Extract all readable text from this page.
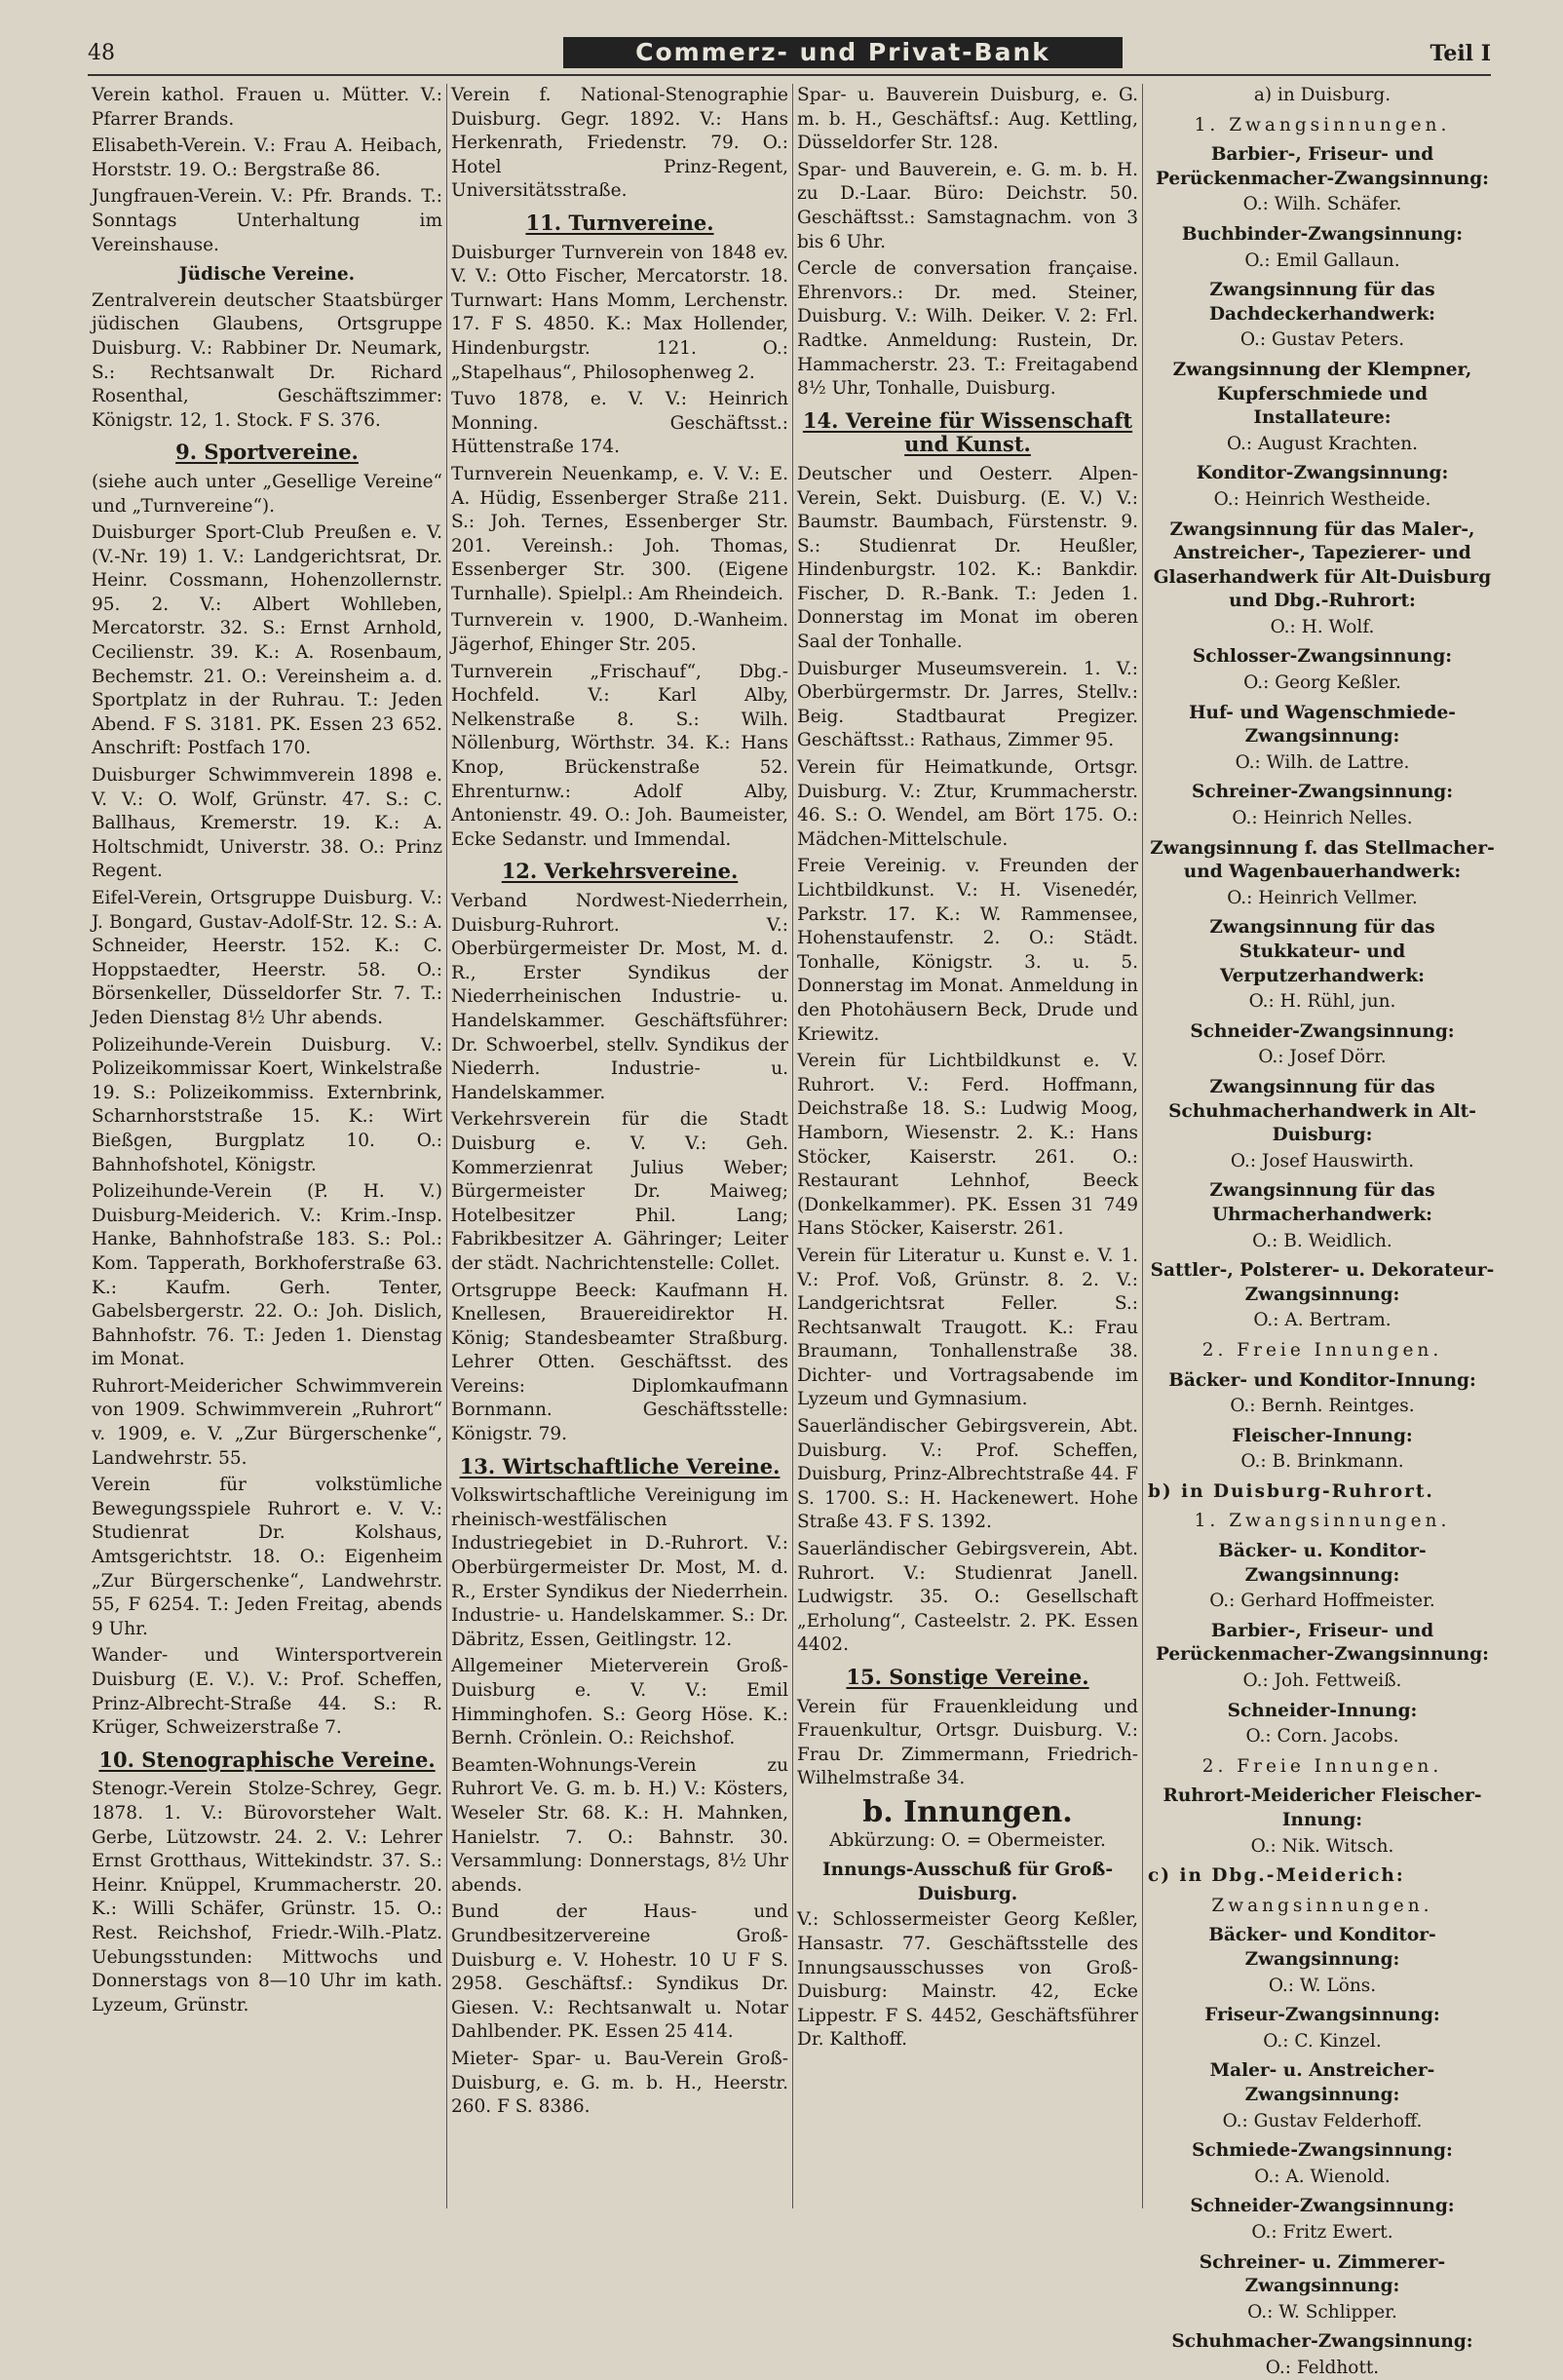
48	Commerz- und Privat-Bank	Teil I

Verein kathol. Frauen u. Mütter. V.: Pfarrer Brands.

Elisabeth-Verein. V.: Frau A. Heibach, Horststr. 19. O.: Bergstraße 86.

Jungfrauen-Verein. V.: Pfr. Brands. T.: Sonntags Unterhaltung im Vereinshause.

Jüdische Vereine.

Zentralverein deutscher Staatsbürger jüdischen Glaubens, Ortsgruppe Duisburg. V.: Rabbiner Dr. Neumark, S.: Rechtsanwalt Dr. Richard Rosenthal, Geschäftszimmer: Königstr. 12, 1. Stock. F S. 376.

9. Sportvereine.

(siehe auch unter „Gesellige Vereine“ und „Turnvereine“).

Duisburger Sport-Club Preußen e. V. (V.-Nr. 19) 1. V.: Landgerichtsrat, Dr. Heinr. Cossmann, Hohenzollernstr. 95. 2. V.: Albert Wohlleben, Mercatorstr. 32. S.: Ernst Arnhold, Cecilienstr. 39. K.: A. Rosenbaum, Bechemstr. 21. O.: Vereinsheim a. d. Sportplatz in der Ruhrau. T.: Jeden Abend. F S. 3181. PK. Essen 23 652. Anschrift: Postfach 170.

Duisburger Schwimmverein 1898 e. V. V.: O. Wolf, Grünstr. 47. S.: C. Ballhaus, Kremerstr. 19. K.: A. Holtschmidt, Universtr. 38. O.: Prinz Regent.

Eifel-Verein, Ortsgruppe Duisburg. V.: J. Bongard, Gustav-Adolf-Str. 12. S.: A. Schneider, Heerstr. 152. K.: C. Hoppstaedter, Heerstr. 58. O.: Börsenkeller, Düsseldorfer Str. 7. T.: Jeden Dienstag 8½ Uhr abends.

Polizeihunde-Verein Duisburg. V.: Polizeikommissar Koert, Winkelstraße 19. S.: Polizeikommiss. Externbrink, Scharnhorststraße 15. K.: Wirt Bießgen, Burgplatz 10. O.: Bahnhofshotel, Königstr.

Polizeihunde-Verein (P. H. V.) Duisburg-Meiderich. V.: Krim.-Insp. Hanke, Bahnhofstraße 183. S.: Pol.: Kom. Tapperath, Borkhoferstraße 63. K.: Kaufm. Gerh. Tenter, Gabelsbergerstr. 22. O.: Joh. Dislich, Bahnhofstr. 76. T.: Jeden 1. Dienstag im Monat.

Ruhrort-Meidericher Schwimmverein von 1909. Schwimmverein „Ruhrort“ v. 1909, e. V. „Zur Bürgerschenke“, Landwehrstr. 55.

Verein für volkstümliche Bewegungsspiele Ruhrort e. V. V.: Studienrat Dr. Kolshaus, Amtsgerichtstr. 18. O.: Eigenheim „Zur Bürgerschenke“, Landwehrstr. 55, F 6254. T.: Jeden Freitag, abends 9 Uhr.

Wander- und Wintersportverein Duisburg (E. V.). V.: Prof. Scheffen, Prinz-Albrecht-Straße 44. S.: R. Krüger, Schweizerstraße 7.

10. Stenographische Vereine.

Stenogr.-Verein Stolze-Schrey, Gegr. 1878. 1. V.: Bürovorsteher Walt. Gerbe, Lützowstr. 24. 2. V.: Lehrer Ernst Grotthaus, Wittekindstr. 37. S.: Heinr. Knüppel, Krummacherstr. 20. K.: Willi Schäfer, Grünstr. 15. O.: Rest. Reichshof, Friedr.-Wilh.-Platz. Uebungsstunden: Mittwochs und Donnerstags von 8—10 Uhr im kath. Lyzeum, Grünstr.

Verein f. National-Stenographie Duisburg. Gegr. 1892. V.: Hans Herkenrath, Friedenstr. 79. O.: Hotel Prinz-Regent, Universitätsstraße.

11. Turnvereine.

Duisburger Turnverein von 1848 ev. V. V.: Otto Fischer, Mercatorstr. 18. Turnwart: Hans Momm, Lerchenstr. 17. F S. 4850. K.: Max Hollender, Hindenburgstr. 121. O.: „Stapelhaus“, Philosophenweg 2.

Tuvo 1878, e. V. V.: Heinrich Monning. Geschäftsst.: Hüttenstraße 174.

Turnverein Neuenkamp, e. V. V.: E. A. Hüdig, Essenberger Straße 211. S.: Joh. Ternes, Essenberger Str. 201. Vereinsh.: Joh. Thomas, Essenberger Str. 300. (Eigene Turnhalle). Spielpl.: Am Rheindeich.

Turnverein v. 1900, D.-Wanheim. Jägerhof, Ehinger Str. 205.

Turnverein „Frischauf“, Dbg.-Hochfeld. V.: Karl Alby, Nelkenstraße 8. S.: Wilh. Nöllenburg, Wörthstr. 34. K.: Hans Knop, Brückenstraße 52. Ehrenturnw.: Adolf Alby, Antonienstr. 49. O.: Joh. Baumeister, Ecke Sedanstr. und Immendal.

12. Verkehrsvereine.

Verband Nordwest-Niederrhein, Duisburg-Ruhrort. V.: Oberbürgermeister Dr. Most, M. d. R., Erster Syndikus der Niederrheinischen Industrie- u. Handelskammer. Geschäftsführer: Dr. Schwoerbel, stellv. Syndikus der Niederrh. Industrie- u. Handelskammer.

Verkehrsverein für die Stadt Duisburg e. V. V.: Geh. Kommerzienrat Julius Weber; Bürgermeister Dr. Maiweg; Hotelbesitzer Phil. Lang; Fabrikbesitzer A. Gähringer; Leiter der städt. Nachrichtenstelle: Collet.

Ortsgruppe Beeck: Kaufmann H. Knellesen, Brauereidirektor H. König; Standesbeamter Straßburg. Lehrer Otten. Geschäftsst. des Vereins: Diplomkaufmann Bornmann. Geschäftsstelle: Königstr. 79.

13. Wirtschaftliche Vereine.

Volkswirtschaftliche Vereinigung im rheinisch-westfälischen Industriegebiet in D.-Ruhrort. V.: Oberbürgermeister Dr. Most, M. d. R., Erster Syndikus der Niederrhein. Industrie- u. Handelskammer. S.: Dr. Däbritz, Essen, Geitlingstr. 12.

Allgemeiner Mieterverein Groß-Duisburg e. V. V.: Emil Himminghofen. S.: Georg Höse. K.: Bernh. Crönlein. O.: Reichshof.

Beamten-Wohnungs-Verein zu Ruhrort Ve. G. m. b. H.) V.: Kösters, Weseler Str. 68. K.: H. Mahnken, Hanielstr. 7. O.: Bahnstr. 30. Versammlung: Donnerstags, 8½ Uhr abends.

Bund der Haus- und Grundbesitzervereine Groß-Duisburg e. V. Hohestr. 10 U F S. 2958. Geschäftsf.: Syndikus Dr. Giesen. V.: Rechtsanwalt u. Notar Dahlbender. PK. Essen 25 414.

Mieter- Spar- u. Bau-Verein Groß-Duisburg, e. G. m. b. H., Heerstr. 260. F S. 8386.

Spar- u. Bauverein Duisburg, e. G. m. b. H., Geschäftsf.: Aug. Kettling, Düsseldorfer Str. 128.

Spar- und Bauverein, e. G. m. b. H. zu D.-Laar. Büro: Deichstr. 50. Geschäftsst.: Samstagnachm. von 3 bis 6 Uhr.

Cercle de conversation française. Ehrenvors.: Dr. med. Steiner, Duisburg. V.: Wilh. Deiker. V. 2: Frl. Radtke. Anmeldung: Rustein, Dr. Hammacherstr. 23. T.: Freitagabend 8½ Uhr, Tonhalle, Duisburg.

14. Vereine für Wissenschaft und Kunst.

Deutscher und Oesterr. Alpen-Verein, Sekt. Duisburg. (E. V.) V.: Baumstr. Baumbach, Fürstenstr. 9. S.: Studienrat Dr. Heußler, Hindenburgstr. 102. K.: Bankdir. Fischer, D. R.-Bank. T.: Jeden 1. Donnerstag im Monat im oberen Saal der Tonhalle.

Duisburger Museumsverein. 1. V.: Oberbürgermstr. Dr. Jarres, Stellv.: Beig. Stadtbaurat Pregizer. Geschäftsst.: Rathaus, Zimmer 95.

Verein für Heimatkunde, Ortsgr. Duisburg. V.: Ztur, Krummacherstr. 46. S.: O. Wendel, am Bört 175. O.: Mädchen-Mittelschule.

Freie Vereinig. v. Freunden der Lichtbildkunst. V.: H. Visenedér, Parkstr. 17. K.: W. Rammensee, Hohenstaufenstr. 2. O.: Städt. Tonhalle, Königstr. 3. u. 5. Donnerstag im Monat. Anmeldung in den Photohäusern Beck, Drude und Kriewitz.

Verein für Lichtbildkunst e. V. Ruhrort. V.: Ferd. Hoffmann, Deichstraße 18. S.: Ludwig Moog, Hamborn, Wiesenstr. 2. K.: Hans Stöcker, Kaiserstr. 261. O.: Restaurant Lehnhof, Beeck (Donkelkammer). PK. Essen 31 749 Hans Stöcker, Kaiserstr. 261.

Verein für Literatur u. Kunst e. V. 1. V.: Prof. Voß, Grünstr. 8. 2. V.: Landgerichtsrat Feller. S.: Rechtsanwalt Traugott. K.: Frau Braumann, Tonhallenstraße 38. Dichter- und Vortragsabende im Lyzeum und Gymnasium.

Sauerländischer Gebirgsverein, Abt. Duisburg. V.: Prof. Scheffen, Duisburg, Prinz-Albrechtstraße 44. F S. 1700. S.: H. Hackenewert. Hohe Straße 43. F S. 1392.

Sauerländischer Gebirgsverein, Abt. Ruhrort. V.: Studienrat Janell. Ludwigstr. 35. O.: Gesellschaft „Erholung“, Casteelstr. 2. PK. Essen 4402.

15. Sonstige Vereine.

Verein für Frauenkleidung und Frauenkultur, Ortsgr. Duisburg. V.: Frau Dr. Zimmermann, Friedrich-Wilhelmstraße 34.

b. Innungen.

Abkürzung: O. = Obermeister.

Innungs-Ausschuß für Groß-Duisburg.

V.: Schlossermeister Georg Keßler, Hansastr. 77. Geschäftsstelle des Innungsausschusses von Groß-Duisburg: Mainstr. 42, Ecke Lippestr. F S. 4452, Geschäftsführer Dr. Kalthoff.

a) in Duisburg.

1. Zwangsinnungen.

Barbier-, Friseur- und Perückenmacher-Zwangsinnung:

O.: Wilh. Schäfer.

Buchbinder-Zwangsinnung:

O.: Emil Gallaun.

Zwangsinnung für das Dachdeckerhandwerk:

O.: Gustav Peters.

Zwangsinnung der Klempner, Kupferschmiede und Installateure:

O.: August Krachten.

Konditor-Zwangsinnung:

O.: Heinrich Westheide.

Zwangsinnung für das Maler-, Anstreicher-, Tapezierer- und Glaserhandwerk für Alt-Duisburg und Dbg.-Ruhrort:

O.: H. Wolf.

Schlosser-Zwangsinnung:

O.: Georg Keßler.

Huf- und Wagenschmiede-Zwangsinnung:

O.: Wilh. de Lattre.

Schreiner-Zwangsinnung:

O.: Heinrich Nelles.

Zwangsinnung f. das Stellmacher- und Wagenbauerhandwerk:

O.: Heinrich Vellmer.

Zwangsinnung für das Stukkateur- und Verputzerhandwerk:

O.: H. Rühl, jun.

Schneider-Zwangsinnung:

O.: Josef Dörr.

Zwangsinnung für das Schuhmacherhandwerk in Alt-Duisburg:

O.: Josef Hauswirth.

Zwangsinnung für das Uhrmacherhandwerk:

O.: B. Weidlich.

Sattler-, Polsterer- u. Dekorateur-Zwangsinnung:

O.: A. Bertram.

2. Freie Innungen.

Bäcker- und Konditor-Innung:

O.: Bernh. Reintges.

Fleischer-Innung:

O.: B. Brinkmann.

b) in Duisburg-Ruhrort.

1. Zwangsinnungen.

Bäcker- u. Konditor-Zwangsinnung:

O.: Gerhard Hoffmeister.

Barbier-, Friseur- und Perückenmacher-Zwangsinnung:

O.: Joh. Fettweiß.

Schneider-Innung:

O.: Corn. Jacobs.

2. Freie Innungen.

Ruhrort-Meidericher Fleischer-Innung:

O.: Nik. Witsch.

c) in Dbg.-Meiderich:

Zwangsinnungen.

Bäcker- und Konditor-Zwangsinnung:

O.: W. Löns.

Friseur-Zwangsinnung:

O.: C. Kinzel.

Maler- u. Anstreicher-Zwangsinnung:

O.: Gustav Felderhoff.

Schmiede-Zwangsinnung:

O.: A. Wienold.

Schneider-Zwangsinnung:

O.: Fritz Ewert.

Schreiner- u. Zimmerer-Zwangsinnung:

O.: W. Schlipper.

Schuhmacher-Zwangsinnung:

O.: Feldhott.
